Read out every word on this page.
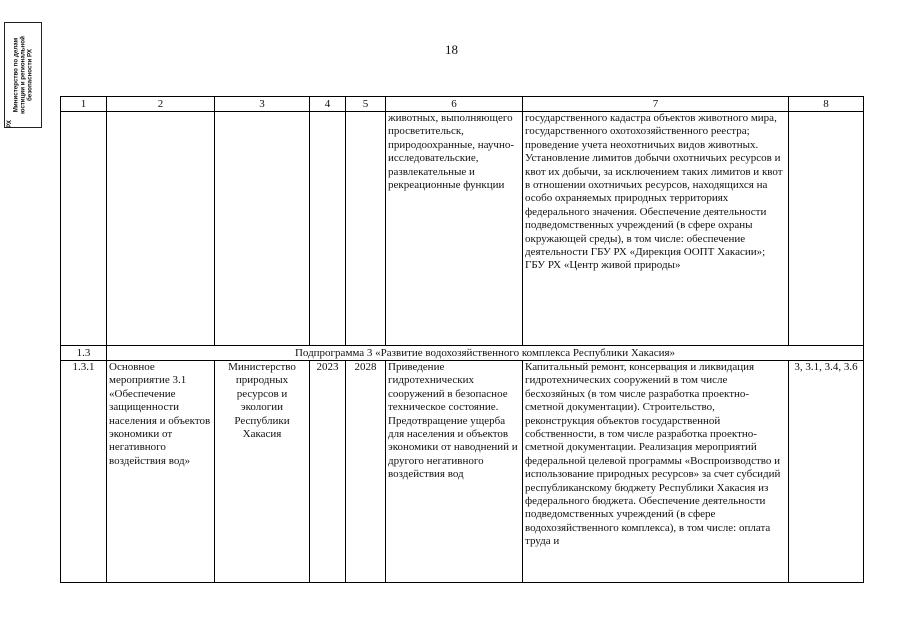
Министерство по делам юстиции и региональной безопасности РХ
РХ
18
1	2	3	4	5	6	7	8
					животных, выполняющего просветительск, природоохранные, научно-исследовательские, развлекательные и рекреационные функции	государственного кадастра объектов животного мира, государственного охотохозяйственного реестра; проведение учета неохотничьих видов животных. Установление лимитов добычи охотничьих ресурсов и квот их добычи, за исключением таких лимитов и квот в отношении охотничьих ресурсов, находящихся на особо охраняемых природных территориях федерального значения. Обеспечение деятельности подведомственных учреждений (в сфере охраны окружающей среды), в том числе: обеспечение деятельности ГБУ РХ «Дирекция ООПТ Хакасии»; ГБУ РХ «Центр живой природы»	
1.3	Подпрограмма 3 «Развитие водохозяйственного комплекса Республики Хакасия»						
1.3.1	Основное мероприятие 3.1 «Обеспечение защищенности населения и объектов экономики от негативного воздействия вод»	Министерство природных ресурсов и экологии Республики Хакасия	2023	2028	Приведение гидротехнических сооружений в безопасное техническое состояние. Предотвращение ущерба для населения и объектов экономики от наводнений и другого негативного воздействия вод	Капитальный ремонт, консервация и ликвидация гидротехнических сооружений в том числе бесхозяйных (в том числе разработка проектно-сметной документации). Строительство, реконструкция объектов государственной собственности, в том числе разработка проектно-сметной документации. Реализация мероприятий федеральной целевой программы «Воспроизводство и использование природных ресурсов» за счет субсидий республиканскому бюджету Республики Хакасия из федерального бюджета. Обеспечение деятельности подведомственных учреждений (в сфере водохозяйственного комплекса), в том числе: оплата труда и	3, 3.1, 3.4, 3.6
